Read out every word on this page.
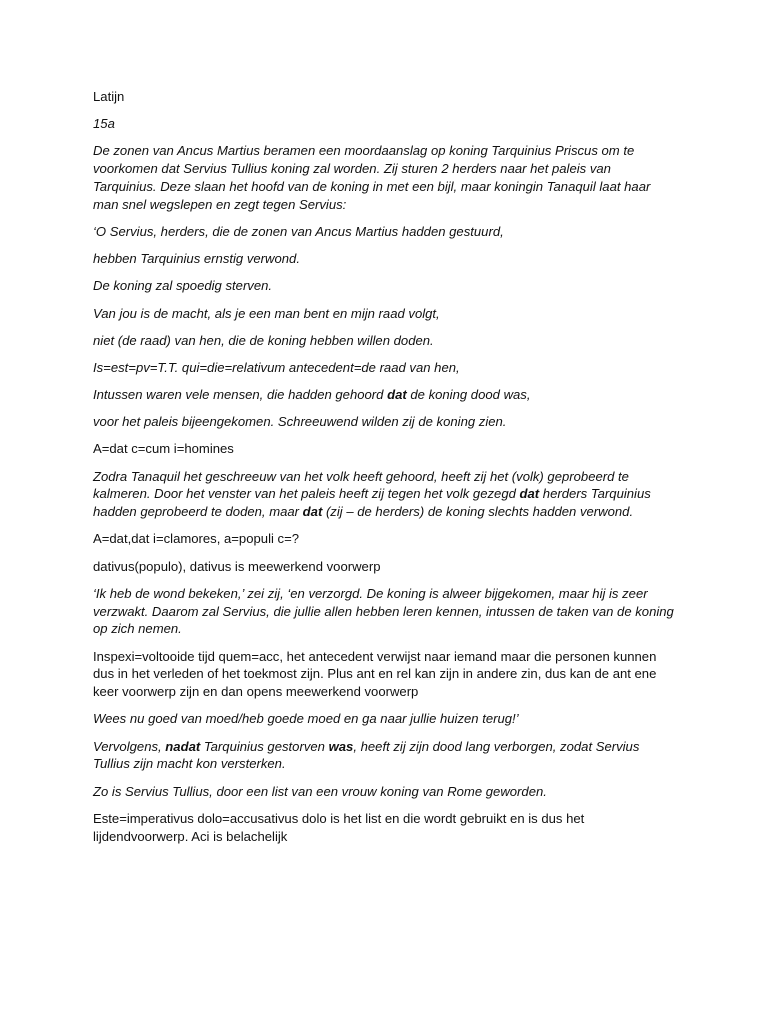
Latijn

15a

De zonen van Ancus Martius beramen een moordaanslag op koning Tarquinius Priscus om te voorkomen dat Servius Tullius koning zal worden. Zij sturen 2 herders naar het paleis van Tarquinius. Deze slaan het hoofd van de koning in met een bijl, maar koningin Tanaquil laat haar man snel wegslepen en zegt tegen Servius:

‘O Servius, herders, die de zonen van Ancus Martius hadden gestuurd,

hebben Tarquinius ernstig verwond.

De koning zal spoedig sterven.

Van jou is de macht, als je een man bent en mijn raad volgt,

niet (de raad) van hen, die de koning hebben willen doden.

Is=est=pv=T.T. qui=die=relativum antecedent=de raad van hen,

Intussen waren vele mensen, die hadden gehoord dat de koning dood was,

voor het paleis bijeengekomen. Schreeuwend wilden zij de koning zien.

A=dat c=cum i=homines

Zodra Tanaquil het geschreeuw van het volk heeft gehoord, heeft zij het (volk) geprobeerd te kalmeren. Door het venster van het paleis heeft zij tegen het volk gezegd dat herders Tarquinius hadden geprobeerd te doden, maar dat (zij – de herders) de koning slechts hadden verwond.

A=dat,dat i=clamores, a=populi c=?

dativus(populo), dativus is meewerkend voorwerp

‘Ik heb de wond bekeken,’ zei zij, ‘en verzorgd. De koning is alweer bijgekomen, maar hij is zeer verzwakt. Daarom zal Servius, die jullie allen hebben leren kennen, intussen de taken van de koning op zich nemen.

Inspexi=voltooide tijd quem=acc, het antecedent verwijst naar iemand maar die personen kunnen dus in het verleden of het toekmost zijn. Plus ant en rel kan zijn in andere zin, dus kan de ant ene keer voorwerp zijn en dan opens meewerkend voorwerp

Wees nu goed van moed/heb goede moed en ga naar jullie huizen terug!’

Vervolgens, nadat Tarquinius gestorven was, heeft zij zijn dood lang verborgen, zodat Servius Tullius zijn macht kon versterken.

Zo is Servius Tullius, door een list van een vrouw koning van Rome geworden.

Este=imperativus dolo=accusativus dolo is het list en die wordt gebruikt en is dus het lijdendvoorwerp. Aci is belachelijk
